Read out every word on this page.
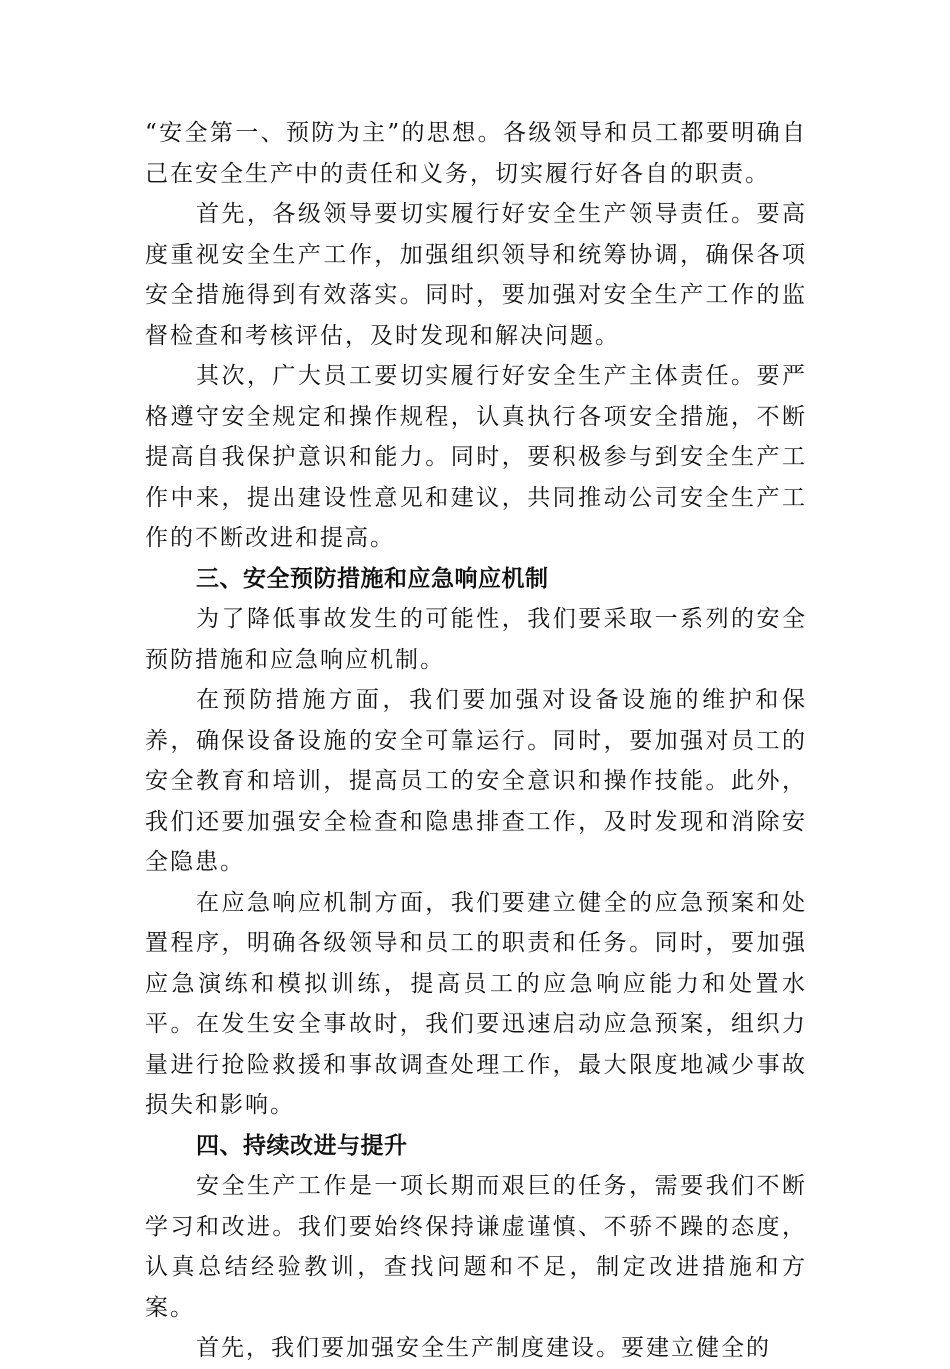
“安全第一、预防为主”的思想。各级领导和员工都要明确自己在安全生产中的责任和义务，切实履行好各自的职责。

首先，各级领导要切实履行好安全生产领导责任。要高度重视安全生产工作，加强组织领导和统筹协调，确保各项安全措施得到有效落实。同时，要加强对安全生产工作的监督检查和考核评估，及时发现和解决问题。

其次，广大员工要切实履行好安全生产主体责任。要严格遵守安全规定和操作规程，认真执行各项安全措施，不断提高自我保护意识和能力。同时，要积极参与到安全生产工作中来，提出建设性意见和建议，共同推动公司安全生产工作的不断改进和提高。

三、安全预防措施和应急响应机制

为了降低事故发生的可能性，我们要采取一系列的安全预防措施和应急响应机制。

在预防措施方面，我们要加强对设备设施的维护和保养，确保设备设施的安全可靠运行。同时，要加强对员工的安全教育和培训，提高员工的安全意识和操作技能。此外，我们还要加强安全检查和隐患排查工作，及时发现和消除安全隐患。

在应急响应机制方面，我们要建立健全的应急预案和处置程序，明确各级领导和员工的职责和任务。同时，要加强应急演练和模拟训练，提高员工的应急响应能力和处置水平。在发生安全事故时，我们要迅速启动应急预案，组织力量进行抢险救援和事故调查处理工作，最大限度地减少事故损失和影响。

四、持续改进与提升

安全生产工作是一项长期而艰巨的任务，需要我们不断学习和改进。我们要始终保持谦虚谨慎、不骄不躁的态度，认真总结经验教训，查找问题和不足，制定改进措施和方案。

首先，我们要加强安全生产制度建设。要建立健全的
